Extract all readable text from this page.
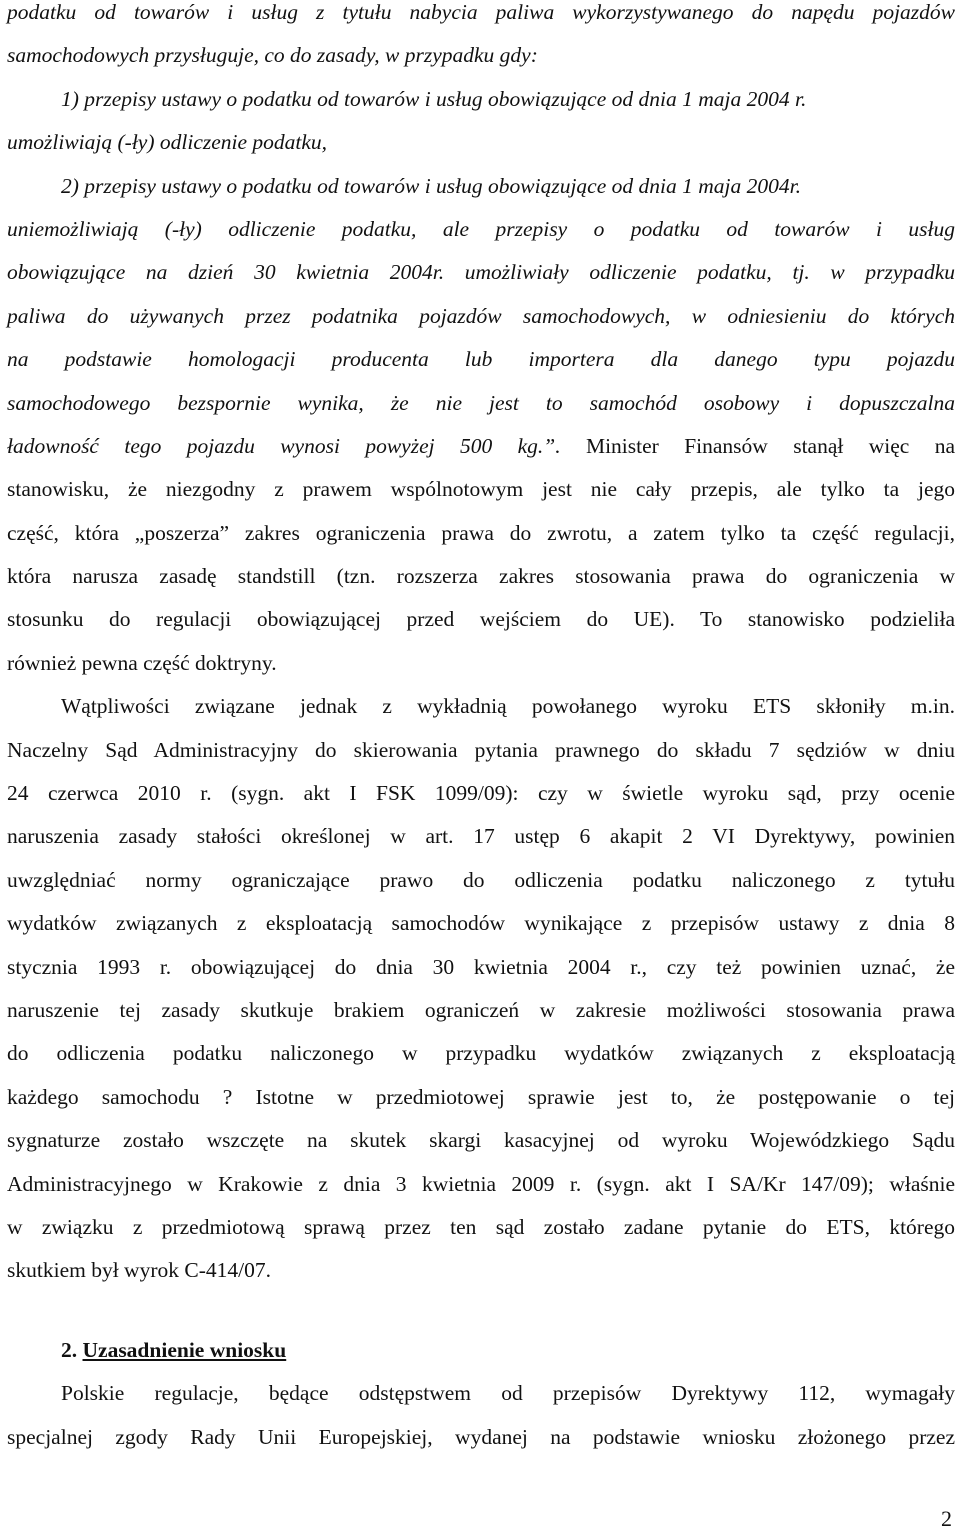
podatku od towarów i usług z tytułu nabycia paliwa wykorzystywanego do napędu pojazdów
samochodowych przysługuje, co do zasady, w przypadku gdy:
1) przepisy ustawy o podatku od towarów i usług obowiązujące od dnia 1 maja 2004 r.
umożliwiają (-ły) odliczenie podatku,
2) przepisy ustawy o podatku od towarów i usług obowiązujące od dnia 1 maja 2004r.
uniemożliwiają (-ły) odliczenie podatku, ale przepisy o podatku od towarów i usług
obowiązujące na dzień 30 kwietnia 2004r. umożliwiały odliczenie podatku, tj. w przypadku
paliwa do używanych przez podatnika pojazdów samochodowych, w odniesieniu do których
na podstawie homologacji producenta lub importera dla danego typu pojazdu
samochodowego bezspornie wynika, że nie jest to samochód osobowy i dopuszczalna
ładowność tego pojazdu wynosi powyżej 500 kg.”. Minister Finansów stanął więc na
stanowisku, że niezgodny z prawem wspólnotowym jest nie cały przepis, ale tylko ta jego
część, która „poszerza” zakres ograniczenia prawa do zwrotu, a zatem tylko ta część regulacji,
która narusza zasadę standstill (tzn. rozszerza zakres stosowania prawa do ograniczenia w
stosunku do regulacji obowiązującej przed wejściem do UE). To stanowisko podzieliła
również pewna część doktryny.
Wątpliwości związane jednak z wykładnią powołanego wyroku ETS skłoniły m.in.
Naczelny Sąd Administracyjny do skierowania pytania prawnego do składu 7 sędziów w dniu
24 czerwca 2010 r. (sygn. akt I FSK 1099/09): czy w świetle wyroku sąd, przy ocenie
naruszenia zasady stałości określonej w art. 17 ustęp 6 akapit 2 VI Dyrektywy, powinien
uwzględniać normy ograniczające prawo do odliczenia podatku naliczonego z tytułu
wydatków związanych z eksploatacją samochodów wynikające z przepisów ustawy z dnia 8
stycznia 1993 r. obowiązującej do dnia 30 kwietnia 2004 r., czy też powinien uznać, że
naruszenie tej zasady skutkuje brakiem ograniczeń w zakresie możliwości stosowania prawa
do odliczenia podatku naliczonego w przypadku wydatków związanych z eksploatacją
każdego samochodu ? Istotne w przedmiotowej sprawie jest to, że postępowanie o tej
sygnaturze zostało wszczęte na skutek skargi kasacyjnej od wyroku Wojewódzkiego Sądu
Administracyjnego w Krakowie z dnia 3 kwietnia 2009 r. (sygn. akt I SA/Kr 147/09); właśnie
w związku z przedmiotową sprawą przez ten sąd zostało zadane pytanie do ETS, którego
skutkiem był wyrok C-414/07.
2. Uzasadnienie wniosku
Polskie regulacje, będące odstępstwem od przepisów Dyrektywy 112, wymagały
specjalnej zgody Rady Unii Europejskiej, wydanej na podstawie wniosku złożonego przez
2
